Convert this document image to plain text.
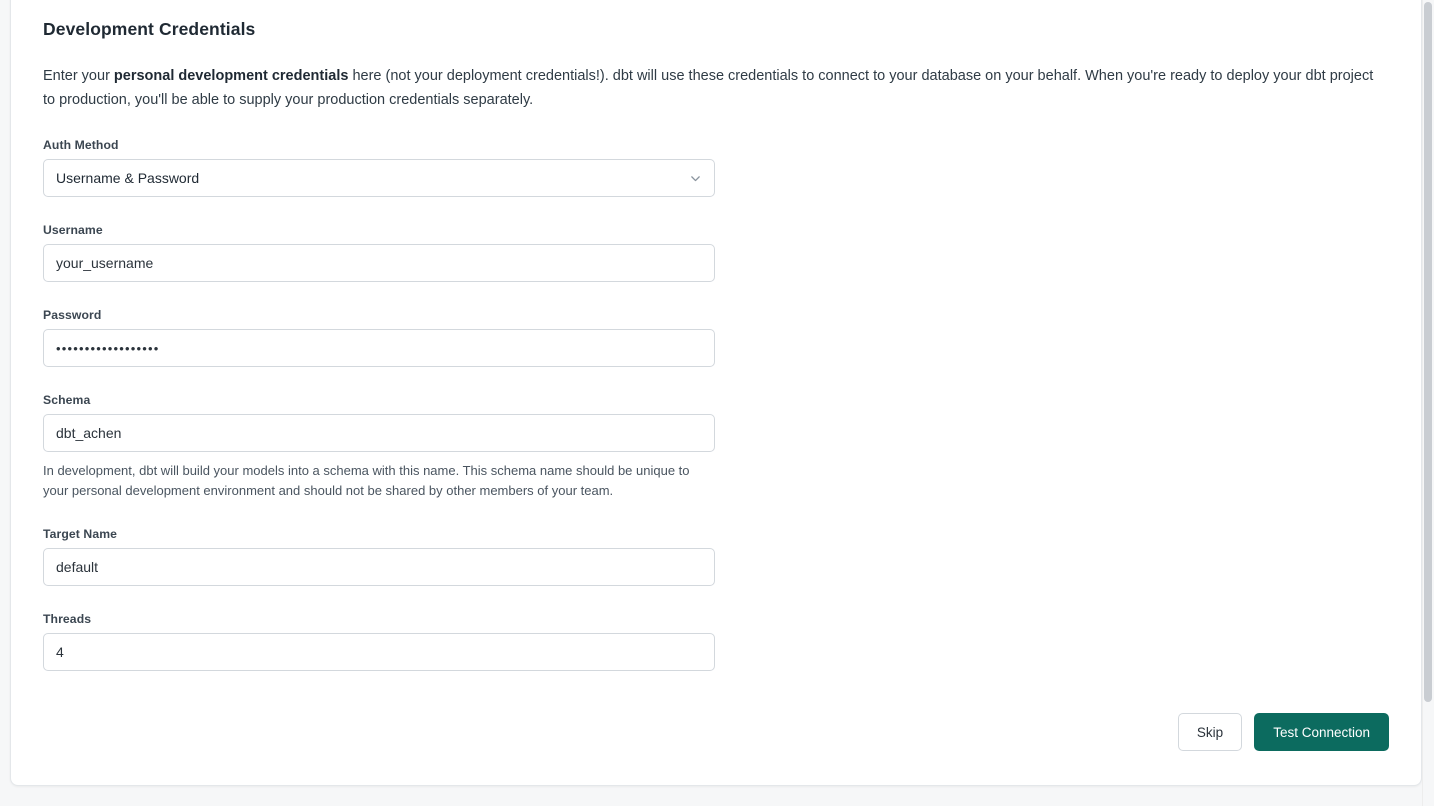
Development Credentials
Enter your personal development credentials here (not your deployment credentials!). dbt will use these credentials to connect to your database on your behalf. When you're ready to deploy your dbt project to production, you'll be able to supply your production credentials separately.
Auth Method
Username & Password
Username
your_username
Password
••••••••••••••••••
Schema
dbt_achen
In development, dbt will build your models into a schema with this name. This schema name should be unique to your personal development environment and should not be shared by other members of your team.
Target Name
default
Threads
4
Skip	Test Connection
